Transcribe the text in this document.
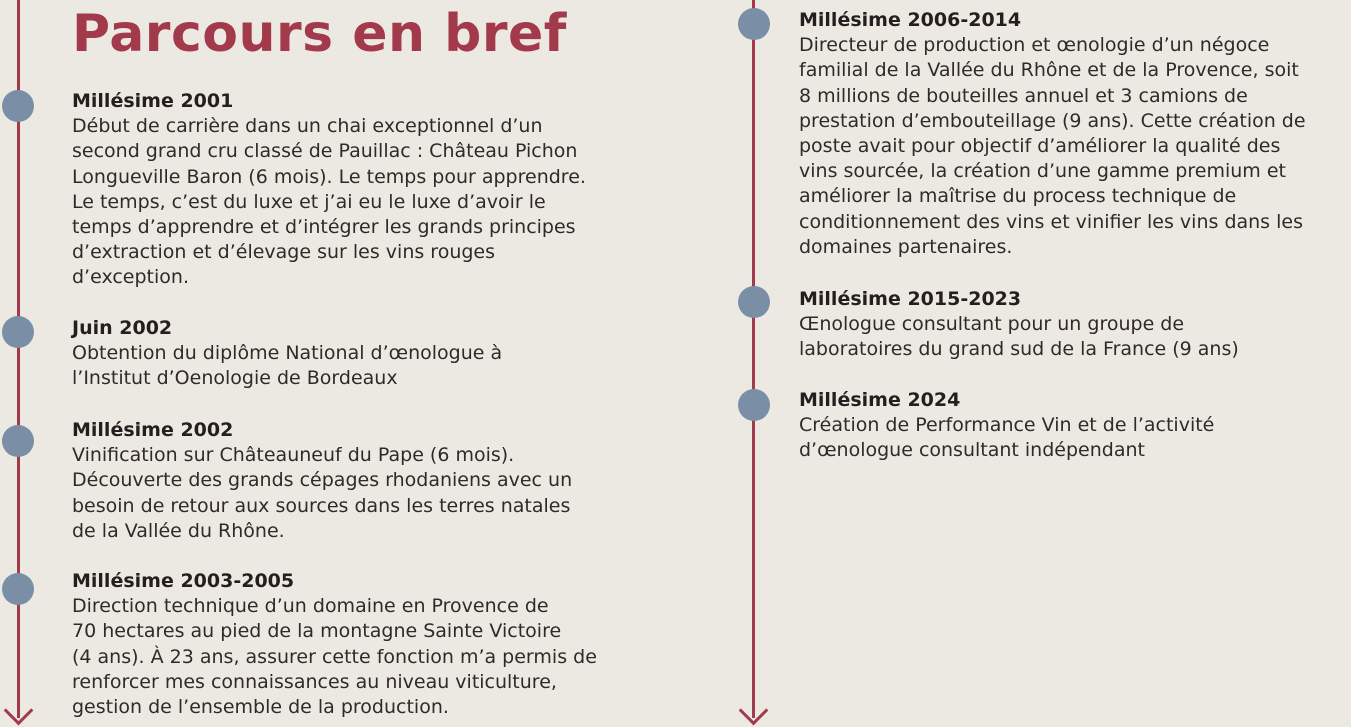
Parcours en bref
Millésime 2001
Début de carrière dans un chai exceptionnel d’un
second grand cru classé de Pauillac : Château Pichon
Longueville Baron (6 mois). Le temps pour apprendre.
Le temps, c’est du luxe et j’ai eu le luxe d’avoir le
temps d’apprendre et d’intégrer les grands principes
d’extraction et d’élevage sur les vins rouges
d’exception.
Juin 2002
Obtention du diplôme National d’œnologue à
l’Institut d’Oenologie de Bordeaux
Millésime 2002
Vinification sur Châteauneuf du Pape (6 mois).
Découverte des grands cépages rhodaniens avec un
besoin de retour aux sources dans les terres natales
de la Vallée du Rhône.
Millésime 2003-2005
Direction technique d’un domaine en Provence de
70 hectares au pied de la montagne Sainte Victoire
(4 ans). À 23 ans, assurer cette fonction m’a permis de
renforcer mes connaissances au niveau viticulture,
gestion de l’ensemble de la production.
Millésime 2006-2014
Directeur de production et œnologie d’un négoce
familial de la Vallée du Rhône et de la Provence, soit
8 millions de bouteilles annuel et 3 camions de
prestation d’embouteillage (9 ans). Cette création de
poste avait pour objectif d’améliorer la qualité des
vins sourcée, la création d’une gamme premium et
améliorer la maîtrise du process technique de
conditionnement des vins et vinifier les vins dans les
domaines partenaires.
Millésime 2015-2023
Œnologue consultant pour un groupe de
laboratoires du grand sud de la France (9 ans)
Millésime 2024
Création de Performance Vin et de l’activité
d’œnologue consultant indépendant
